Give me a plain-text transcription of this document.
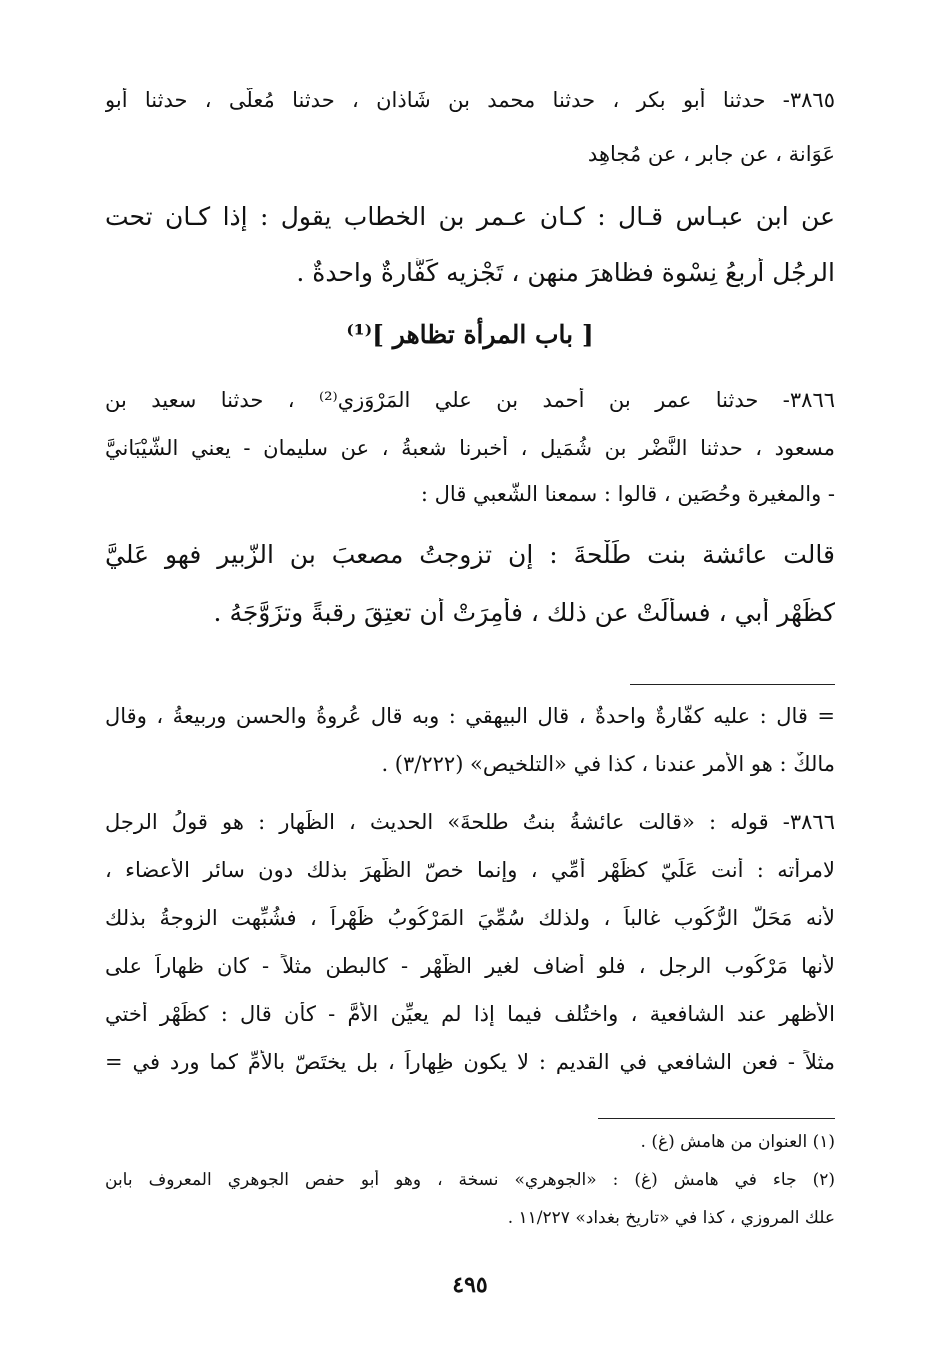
٣٨٦٥- حدثنا أبو بكر ، حدثنا محمد بن شَاذان ، حدثنا مُعلَّى ، حدثنا أبو
عَوَانة ، عن جابر ، عن مُجاهِد
عن ابن عبـاس قـال : كـان عـمر بن الخطاب يقول : إذا كـان تحت
الرجُل أربعُ نِسْوة فظاهرَ منهن ، تَجْزيه كَفَّارةٌ واحدةٌ .
[ باب المرأة تظاهر ]⁽¹⁾
٣٨٦٦- حدثنا عمر بن أحمد بن علي المَرْوَزي⁽²⁾ ، حدثنا سعيد بن
مسعود ، حدثنا النَّضْر بن شُمَيل ، أخبرنا شعبةُ ، عن سليمان - يعني الشَّيْبَانيَّ
- والمغيرة وحُصَين ، قالوا : سمعنا الشَّعبي قال :
قالت عائشة بنت طَلْحةَ : إن تزوجتُ مصعبَ بن الزّبير فهو عَليَّ
كظَهْر أبي ، فسألَتْ عن ذلك ، فأُمِرَتْ أن تعتِقَ رقبةً وتزَوَّجَهُ .
= قال : عليه كفّارةٌ واحدةٌ ، قال البيهقي : وبه قال عُروةُ والحسن وربيعةُ ، وقال
مالكٌ : هو الأمر عندنا ، كذا في «التلخيص» (٣/٢٢٢) .
٣٨٦٦- قوله : «قالت عائشةُ بنتُ طلحةَ» الحديث ، الظِّهار : هو قولُ الرجل
لامرأته : أنت عَلَيّ كظَهْرِ أُمِّي ، وإنما خصّ الظَّهرَ بذلك دون سائر الأعضاء ،
لأنه مَحَلُّ الرُّكُوبِ غالباً ، ولذلك سُمِّيَ المَرْكُوبُ ظَهْراً ، فشُبِّهت الزوجةُ بذلك
لأنها مَرْكُوب الرجلِ ، فلو أضاف لغير الظَّهْر - كالبطن مثلاً - كان ظهاراً على
الأظهر عند الشافعية ، واختُلف فيما إذا لم يعيِّن الأمَّ - كأن قال : كظَهْر أختي
مثلاً - فعن الشافعي في القديم : لا يكون ظِهاراً ، بل يختَصّ بالأمِّ كما ورد في =
(١) العنوان من هامش (غ) .
(٢) جاء في هامش (غ) : «الجوهري» نسخة ، وهو أبو حفص الجوهري المعروف بابن
علك المروزي ، كذا في «تاريخ بغداد» ١١/٢٢٧ .
٤٩٥
